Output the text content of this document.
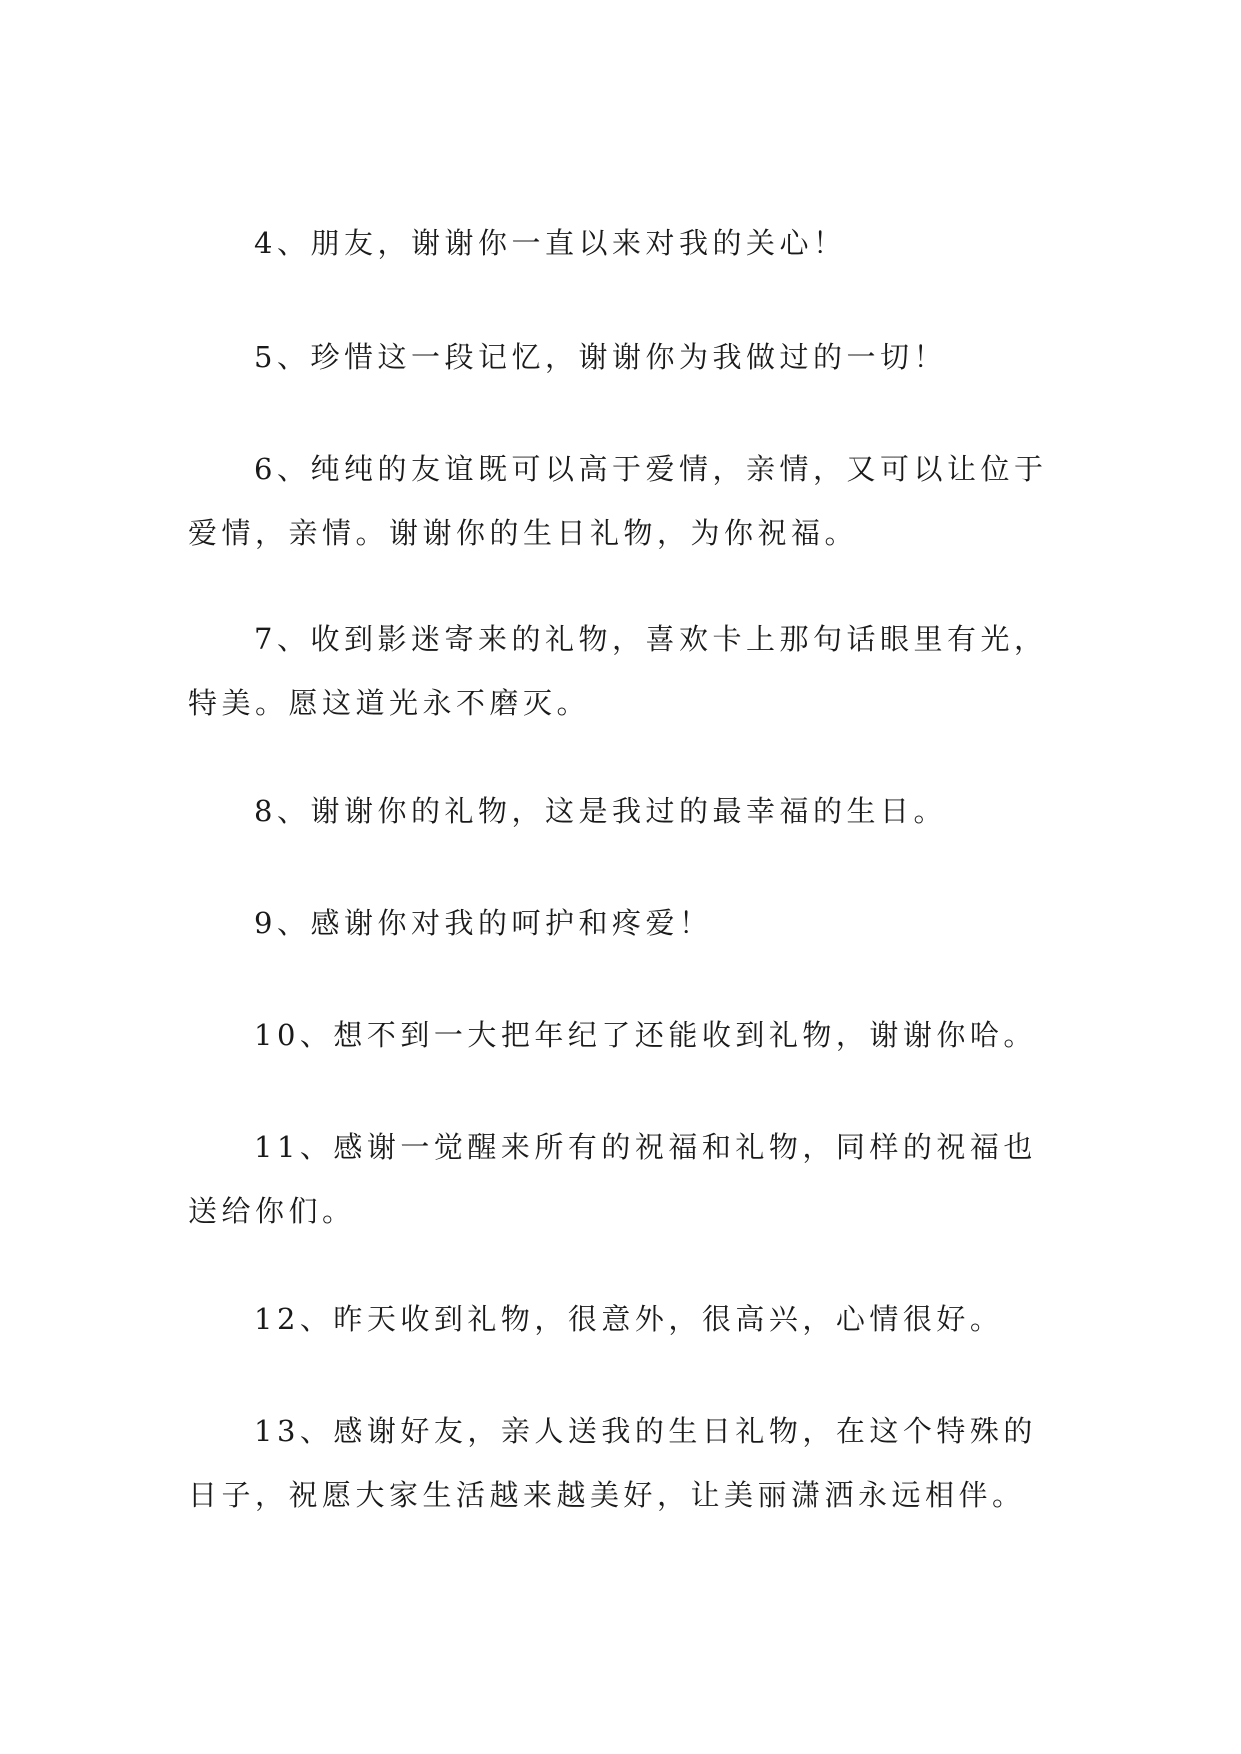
4、朋友，谢谢你一直以来对我的关心！

5、珍惜这一段记忆，谢谢你为我做过的一切！

6、纯纯的友谊既可以高于爱情，亲情，又可以让位于爱情，亲情。谢谢你的生日礼物，为你祝福。

7、收到影迷寄来的礼物，喜欢卡上那句话眼里有光，特美。愿这道光永不磨灭。

8、谢谢你的礼物，这是我过的最幸福的生日。

9、感谢你对我的呵护和疼爱！

10、想不到一大把年纪了还能收到礼物，谢谢你哈。

11、感谢一觉醒来所有的祝福和礼物，同样的祝福也送给你们。

12、昨天收到礼物，很意外，很高兴，心情很好。

13、感谢好友，亲人送我的生日礼物，在这个特殊的日子，祝愿大家生活越来越美好，让美丽潇洒永远相伴。
